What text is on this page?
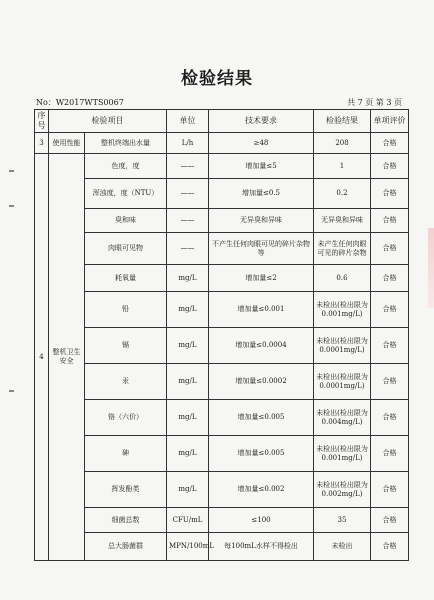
检验结果
No：W2017WTS0067	共 7 页 第 3 页
序号	检验项目		单位	技术要求	检验结果	单项评价
3	使用性能	整机终端出水量	L/h	≥48	208	合格
4	整机卫生安全	色度，度	——	增加量≤5	1	合格
		浑浊度，度（NTU）	——	增加量≤0.5	0.2	合格
		臭和味	——	无异臭和异味	无异臭和异味	合格
		肉眼可见物	——	不产生任何肉眼可见的碎片杂物等	未产生任何肉眼可见的碎片杂物	合格
		耗氧量	mg/L	增加量≤2	0.6	合格
		铅	mg/L	增加量≤0.001	未检出(检出限为0.001mg/L)	合格
		镉	mg/L	增加量≤0.0004	未检出(检出限为0.0001mg/L)	合格
		汞	mg/L	增加量≤0.0002	未检出(检出限为0.0001mg/L)	合格
		铬（六价）	mg/L	增加量≤0.005	未检出(检出限为0.004mg/L)	合格
		砷	mg/L	增加量≤0.005	未检出(检出限为0.001mg/L)	合格
		挥发酚类	mg/L	增加量≤0.002	未检出(检出限为0.002mg/L)	合格
		细菌总数	CFU/mL	≤100	35	合格
		总大肠菌群	MPN/100mL	每100mL水样不得检出	未检出	合格
